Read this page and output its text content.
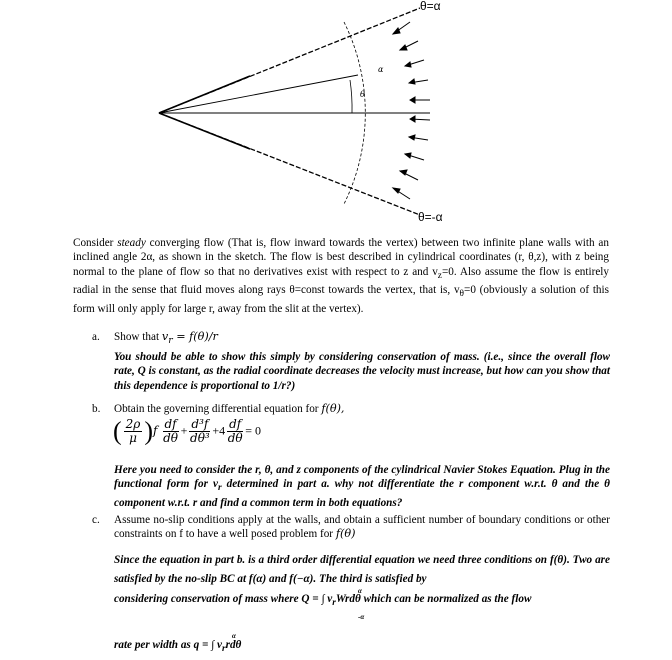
θ=α
θ=-α
θ
α
Consider steady converging flow (That is, flow inward towards the vertex) between two infinite plane walls with an inclined angle 2α, as shown in the sketch. The flow is best described in cylindrical coordinates (r, θ,z), with z being normal to the plane of flow so that no derivatives exist with respect to z and $v_z=0$. Also assume the flow is entirely radial in the sense that fluid moves along rays θ=const towards the vertex, that is, $v_\theta=0$ (obviously a solution of this form will only apply for large r, away from the slit at the vertex).
a. Show that $v_r = f(\theta)/r$
You should be able to show this simply by considering conservation of mass. (i.e., since the overall flow rate, Q is constant, as the radial coordinate decreases the velocity must increase, but how can you show that this dependence is proportional to 1/r?)
b. Obtain the governing differential equation for f(θ),
( $\frac{2\rho}{\mu} )f \frac{df}{d\theta} + \frac{\text{d³f}}{\text{dθ³}} +4 \frac{df}{d\theta} = 0$
Here you need to consider the r, θ, and z components of the cylindrical Navier Stokes Equation. Plug in the functional form for $v_r$ determined in part a. why not differentiate the r component w.r.t. θ and the θ component w.r.t. r and find a common term in both equations?
c. Assume no-slip conditions apply at the walls, and obtain a sufficient number of boundary conditions or other constraints on f to have a well posed problem for f(θ)
Since the equation in part b. is a third order differential equation we need three conditions on f(θ). Two are satisfied by the no-slip BC at f(α) and f(−α). The third is satisfied by
α
-α
considering conservation of mass where Q = ∫ $v_rWrd\theta$ which can be normalized as the flow
α
rate per width as q = ∫ $v_rrd\theta$
